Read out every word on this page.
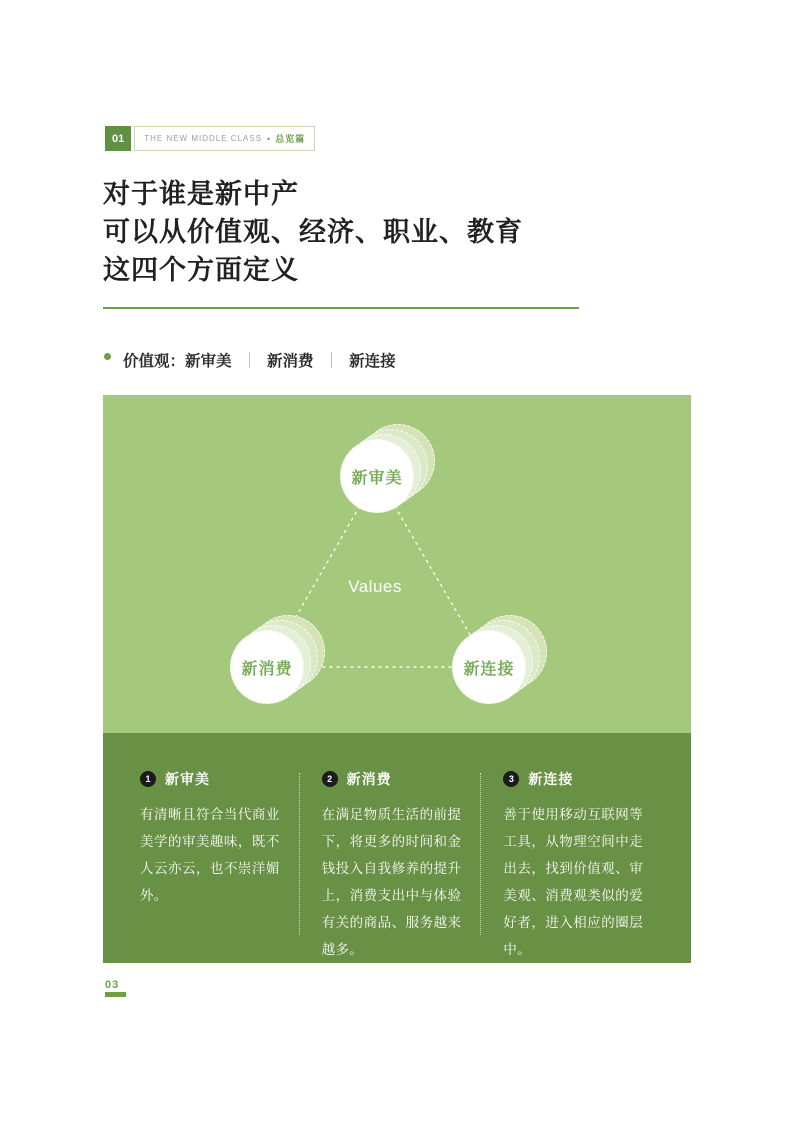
01	THE NEW MIDDLE CLASS • 总览篇
对于谁是新中产
可以从价值观、经济、职业、教育
这四个方面定义
价值观： 新审美 ｜ 新消费 ｜ 新连接
Values
新审美
新消费	新连接
1	新审美

有清晰且符合当代商业美学的审美趣味，既不人云亦云，也不崇洋媚外。

2	新消费

在满足物质生活的前提下，将更多的时间和金钱投入自我修养的提升上，消费支出中与体验有关的商品、服务越来越多。

3	新连接

善于使用移动互联网等工具，从物理空间中走出去，找到价值观、审美观、消费观类似的爱好者，进入相应的圈层中。

03
